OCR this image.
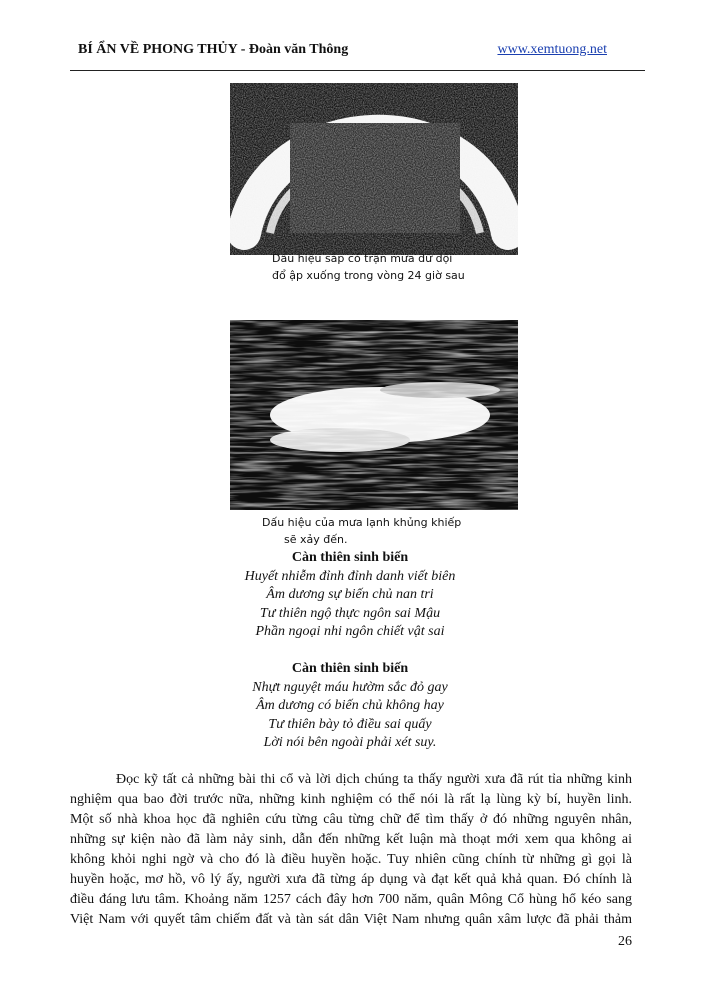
BÍ ẨN VỀ PHONG THỦY - Đoàn văn Thông	www.xemtuong.net
Dấu hiệu sắp có trận mưa dữ dội
đổ ập xuống trong vòng 24 giờ sau
Dấu hiệu của mưa lạnh khủng khiếp
sẽ xảy đến.
Càn thiên sinh biến
Huyết nhiễm đỉnh đỉnh danh viết biên
Âm dương sự biến chủ nan tri
Tư thiên ngộ thực ngôn sai Mậu
Phần ngoại nhi ngôn chiết vật sai
Càn thiên sinh biến
Nhựt nguyệt máu hườm sắc đỏ gay
Âm dương có biến chủ không hay
Tư thiên bày tỏ điều sai quấy
Lời nói bên ngoài phải xét suy.
Đọc kỹ tất cả những bài thi cổ và lời dịch chúng ta thấy người xưa đã rút tỉa những kinh
nghiệm qua bao đời trước nữa, những kinh nghiệm có thể nói là rất lạ lùng kỳ bí, huyền linh.
Một số nhà khoa học đã nghiên cứu từng câu từng chữ để tìm thấy ở đó những nguyên nhân,
những sự kiện nào đã làm nảy sinh, dẫn đến những kết luận mà thoạt mới xem qua không ai
không khỏi nghi ngờ và cho đó là điều huyền hoặc. Tuy nhiên cũng chính từ những gì gọi là
huyền hoặc, mơ hồ, vô lý ấy, người xưa đã từng áp dụng và đạt kết quả khả quan. Đó chính là
điều đáng lưu tâm. Khoảng năm 1257 cách đây hơn 700 năm, quân Mông Cổ hùng hổ kéo sang
Việt Nam với quyết tâm chiếm đất và tàn sát dân Việt Nam nhưng quân xâm lược đã phải thảm
26
